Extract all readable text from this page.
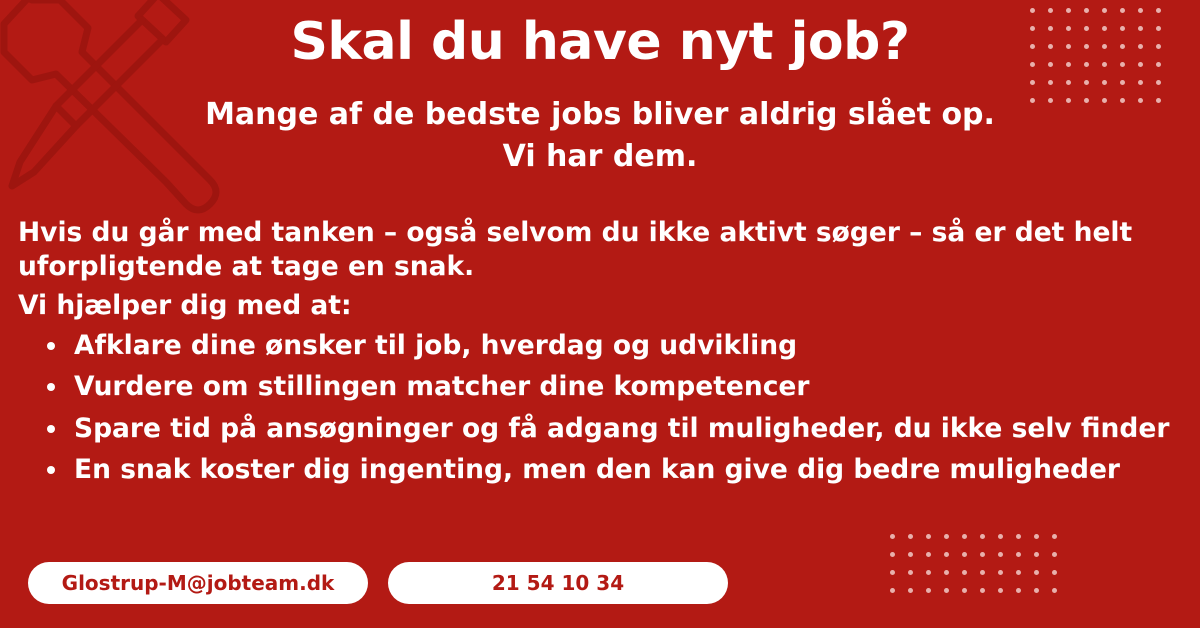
Skal du have nyt job?
Mange af de bedste jobs bliver aldrig slået op.
Vi har dem.

Hvis du går med tanken – også selvom du ikke aktivt søger – så er det helt uforpligtende at tage en snak.

Vi hjælper dig med at:

• Afklare dine ønsker til job, hverdag og udvikling
• Vurdere om stillingen matcher dine kompetencer
• Spare tid på ansøgninger og få adgang til muligheder, du ikke selv finder
• En snak koster dig ingenting, men den kan give dig bedre muligheder
Glostrup-M@jobteam.dk	21 54 10 34
